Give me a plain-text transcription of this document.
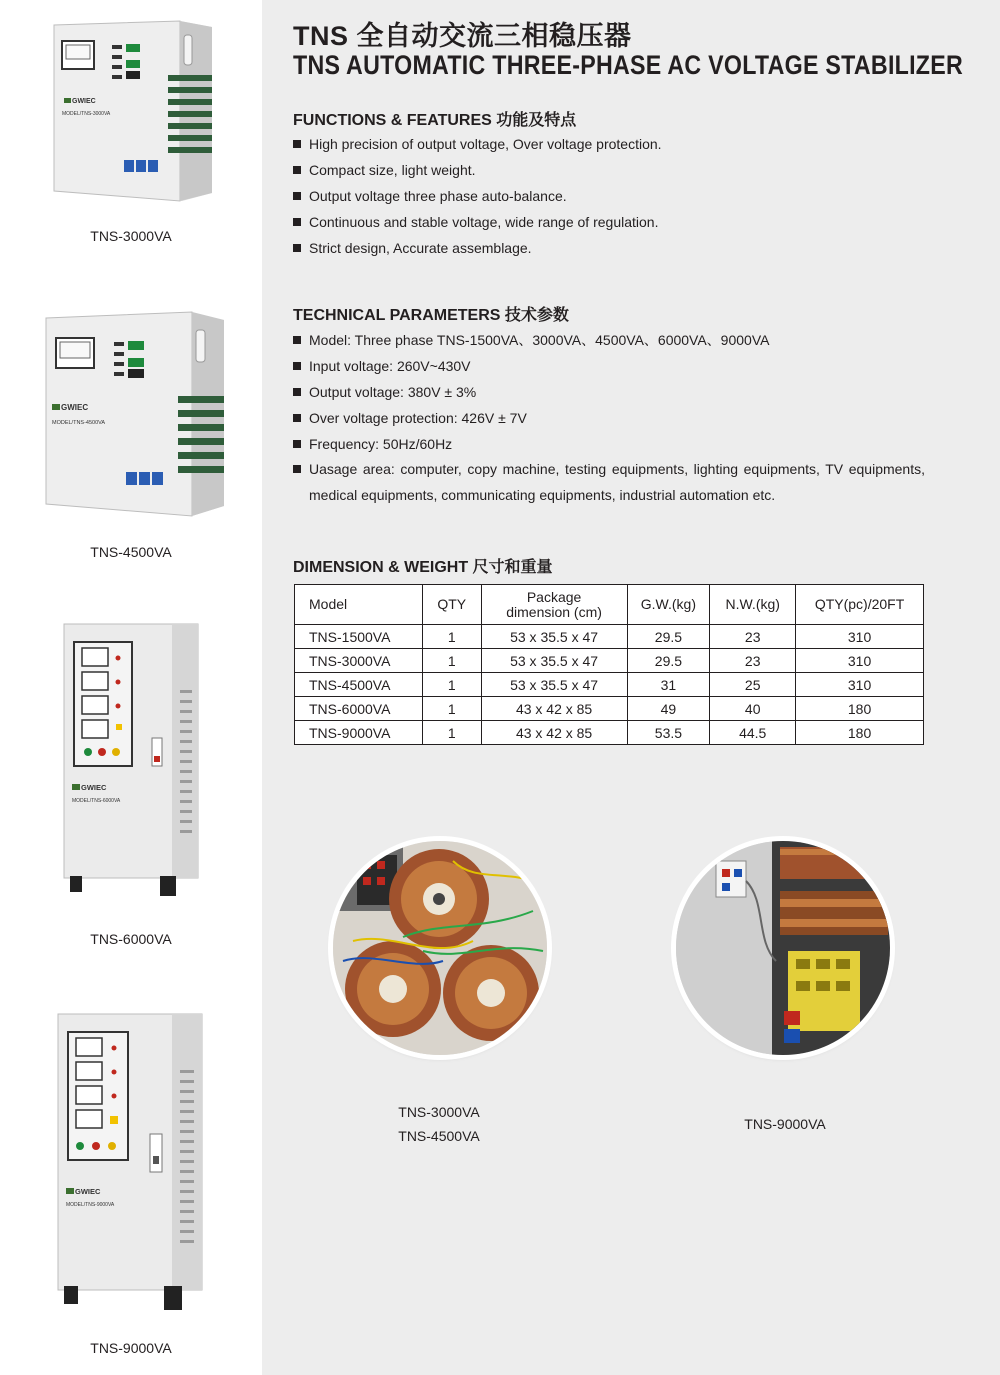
GWIEC
MODEL/TNS-3000VA
TNS-3000VA
GWIEC
MODEL/TNS-4500VA
TNS-4500VA
GWIEC
MODEL/TNS-6000VA
TNS-6000VA
GWIEC
MODEL/TNS-9000VA
TNS-9000VA
TNS 全自动交流三相稳压器
TNS AUTOMATIC THREE-PHASE AC VOLTAGE STABILIZER
FUNCTIONS & FEATURES 功能及特点
High precision of output voltage, Over voltage protection.
Compact size, light weight.
Output voltage three phase auto-balance.
Continuous and stable voltage, wide range of regulation.
Strict design, Accurate assemblage.
TECHNICAL PARAMETERS 技术参数
Model: Three phase TNS-1500VA、3000VA、4500VA、6000VA、9000VA
Input voltage: 260V~430V
Output voltage: 380V ± 3%
Over voltage protection: 426V ± 7V
Frequency: 50Hz/60Hz
Uasage area: computer, copy machine, testing equipments, lighting equipments, TV equipments, medical equipments, communicating equipments, industrial automation etc.
DIMENSION & WEIGHT 尺寸和重量
Model	QTY	Package dimension (cm)	G.W.(kg)	N.W.(kg)	QTY(pc)/20FT
TNS-1500VA	1	53 x 35.5 x 47	29.5	23	310
TNS-3000VA	1	53 x 35.5 x 47	29.5	23	310
TNS-4500VA	1	53 x 35.5 x 47	31	25	310
TNS-6000VA	1	43 x 42 x 85	49	40	180
TNS-9000VA	1	43 x 42 x 85	53.5	44.5	180
TNS-3000VA
TNS-4500VA
TNS-9000VA
